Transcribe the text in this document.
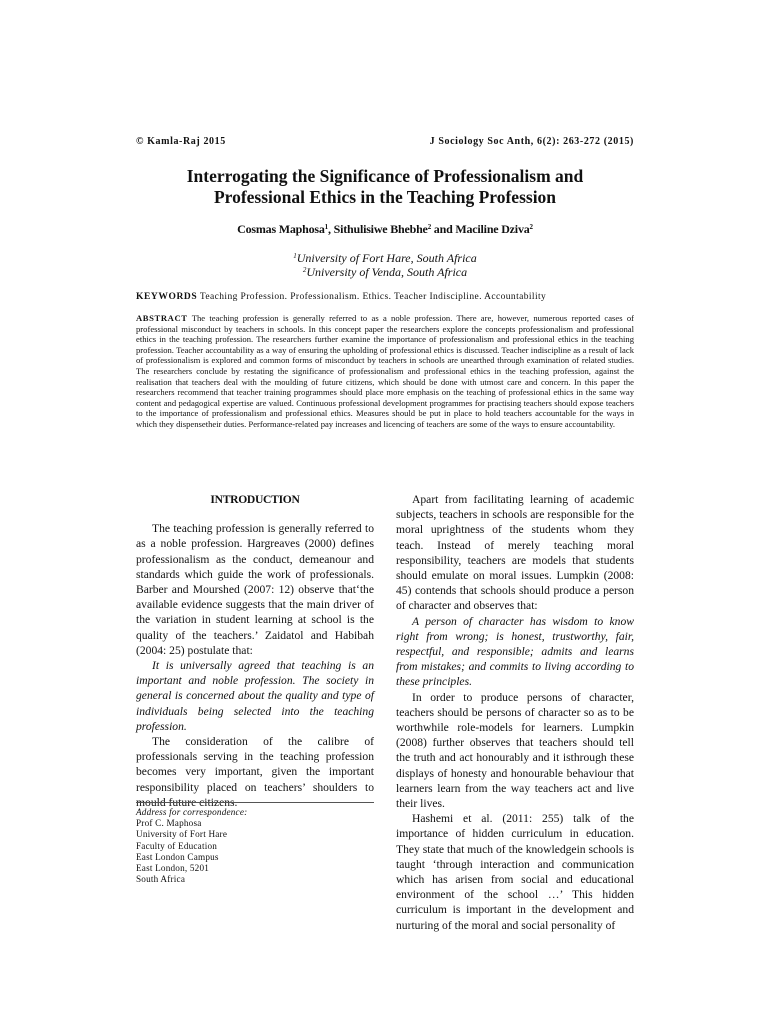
© Kamla-Raj 2015	J Sociology Soc Anth, 6(2): 263-272 (2015)
Interrogating the Significance of Professionalism and
Professional Ethics in the Teaching Profession
Cosmas Maphosa$^1$, Sithulisiwe Bhebhe$^2$ and Maciline Dziva$^2$
$^1$University of Fort Hare, South Africa
$^2$University of Venda, South Africa
KEYWORDS Teaching Profession. Professionalism. Ethics. Teacher Indiscipline. Accountability
ABSTRACT The teaching profession is generally referred to as a noble profession. There are, however, numerous reported cases of professional misconduct by teachers in schools. In this concept paper the researchers explore the concepts professionalism and professional ethics in the teaching profession. The researchers further examine the importance of professionalism and professional ethics in the teaching profession. Teacher accountability as a way of ensuring the upholding of professional ethics is discussed. Teacher indiscipline as a result of lack of professionalism is explored and common forms of misconduct by teachers in schools are unearthed through examination of related studies. The researchers conclude by restating the significance of professionalism and professional ethics in the teaching profession, against the realisation that teachers deal with the moulding of future citizens, which should be done with utmost care and concern. In this paper the researchers recommend that teacher training programmes should place more emphasis on the teaching of professional ethics in the same way content and pedagogical expertise are valued. Continuous professional development programmes for practising teachers should expose teachers to the importance of professionalism and professional ethics. Measures should be put in place to hold teachers accountable for the ways in which they dispensetheir duties. Performance-related pay increases and licencing of teachers are some of the ways to ensure accountability.
INTRODUCTION

The teaching profession is generally referred to as a noble profession. Hargreaves (2000) defines professionalism as the conduct, demeanour and standards which guide the work of professionals. Barber and Mourshed (2007: 12) observe that‘the available evidence suggests that the main driver of the variation in student learning at school is the quality of the teachers.’ Zaidatol and Habibah (2004: 25) postulate that:

It is universally agreed that teaching is an important and noble profession. The society in general is concerned about the quality and type of individuals being selected into the teaching profession.

The consideration of the calibre of professionals serving in the teaching profession becomes very important, given the important responsibility placed on teachers’ shoulders to mould future citizens.

Address for correspondence:
Prof C. Maphosa
University of Fort Hare
Faculty of Education
East London Campus
East London, 5201
South Africa

Apart from facilitating learning of academic subjects, teachers in schools are responsible for the moral uprightness of the students whom they teach. Instead of merely teaching moral responsibility, teachers are models that students should emulate on moral issues. Lumpkin (2008: 45) contends that schools should produce a person of character and observes that:

A person of character has wisdom to know right from wrong; is honest, trustworthy, fair, respectful, and responsible; admits and learns from mistakes; and commits to living according to these principles.

In order to produce persons of character, teachers should be persons of character so as to be worthwhile role-models for learners. Lumpkin (2008) further observes that teachers should tell the truth and act honourably and it isthrough these displays of honesty and honourable behaviour that learners learn from the way teachers act and live their lives.

Hashemi et al. (2011: 255) talk of the importance of hidden curriculum in education. They state that much of the knowledgein schools is taught ‘through interaction and communication which has arisen from social and educational environment of the school …’ This hidden curriculum is important in the development and nurturing of the moral and social personality of
